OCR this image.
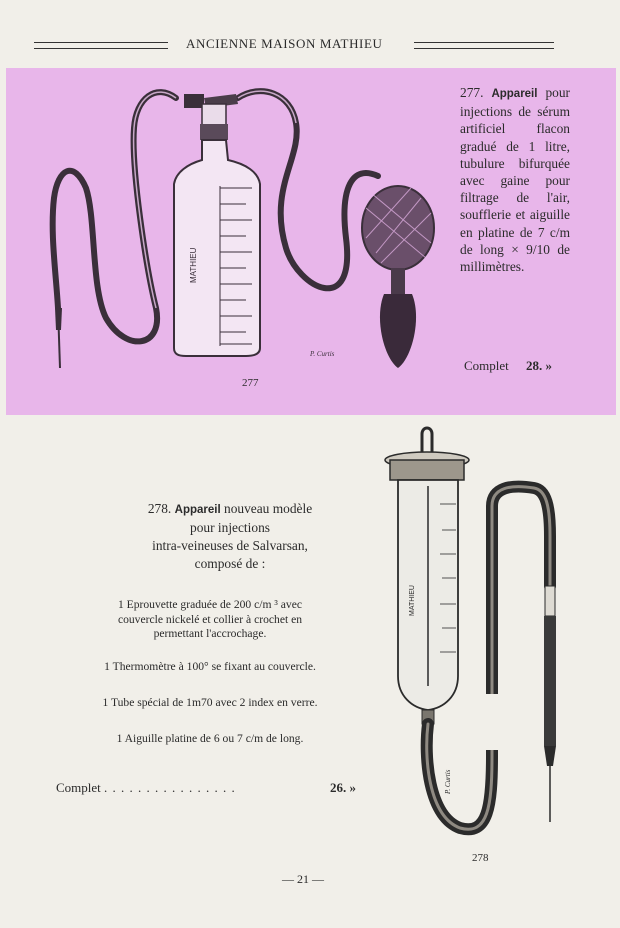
ANCIENNE MAISON MATHIEU
MATHIEU
P. Curtis
277
277. Appareil pour injections de sérum artificiel flacon gradué de 1 litre, tubulure bifurquée avec gaine pour filtrage de l'air, soufflerie et aiguille en platine de 7 c/m de long × 9/10 de millimètres.
Complet 28. »
278. Appareil nouveau modèle
pour injections
intra-veineuses de Salvarsan,
composé de :
1 Eprouvette graduée de 200 c/m ³ avec couvercle nickelé et collier à crochet en permettant l'accrochage.
1 Thermomètre à 100° se fixant au couvercle.
1 Tube spécial de 1m70 avec 2 index en verre.
1 Aiguille platine de 6 ou 7 c/m de long.
Complet . . . . . . . . . . . . . . . .	26. »
MATHIEU
P. Curtis
278
— 21 —
